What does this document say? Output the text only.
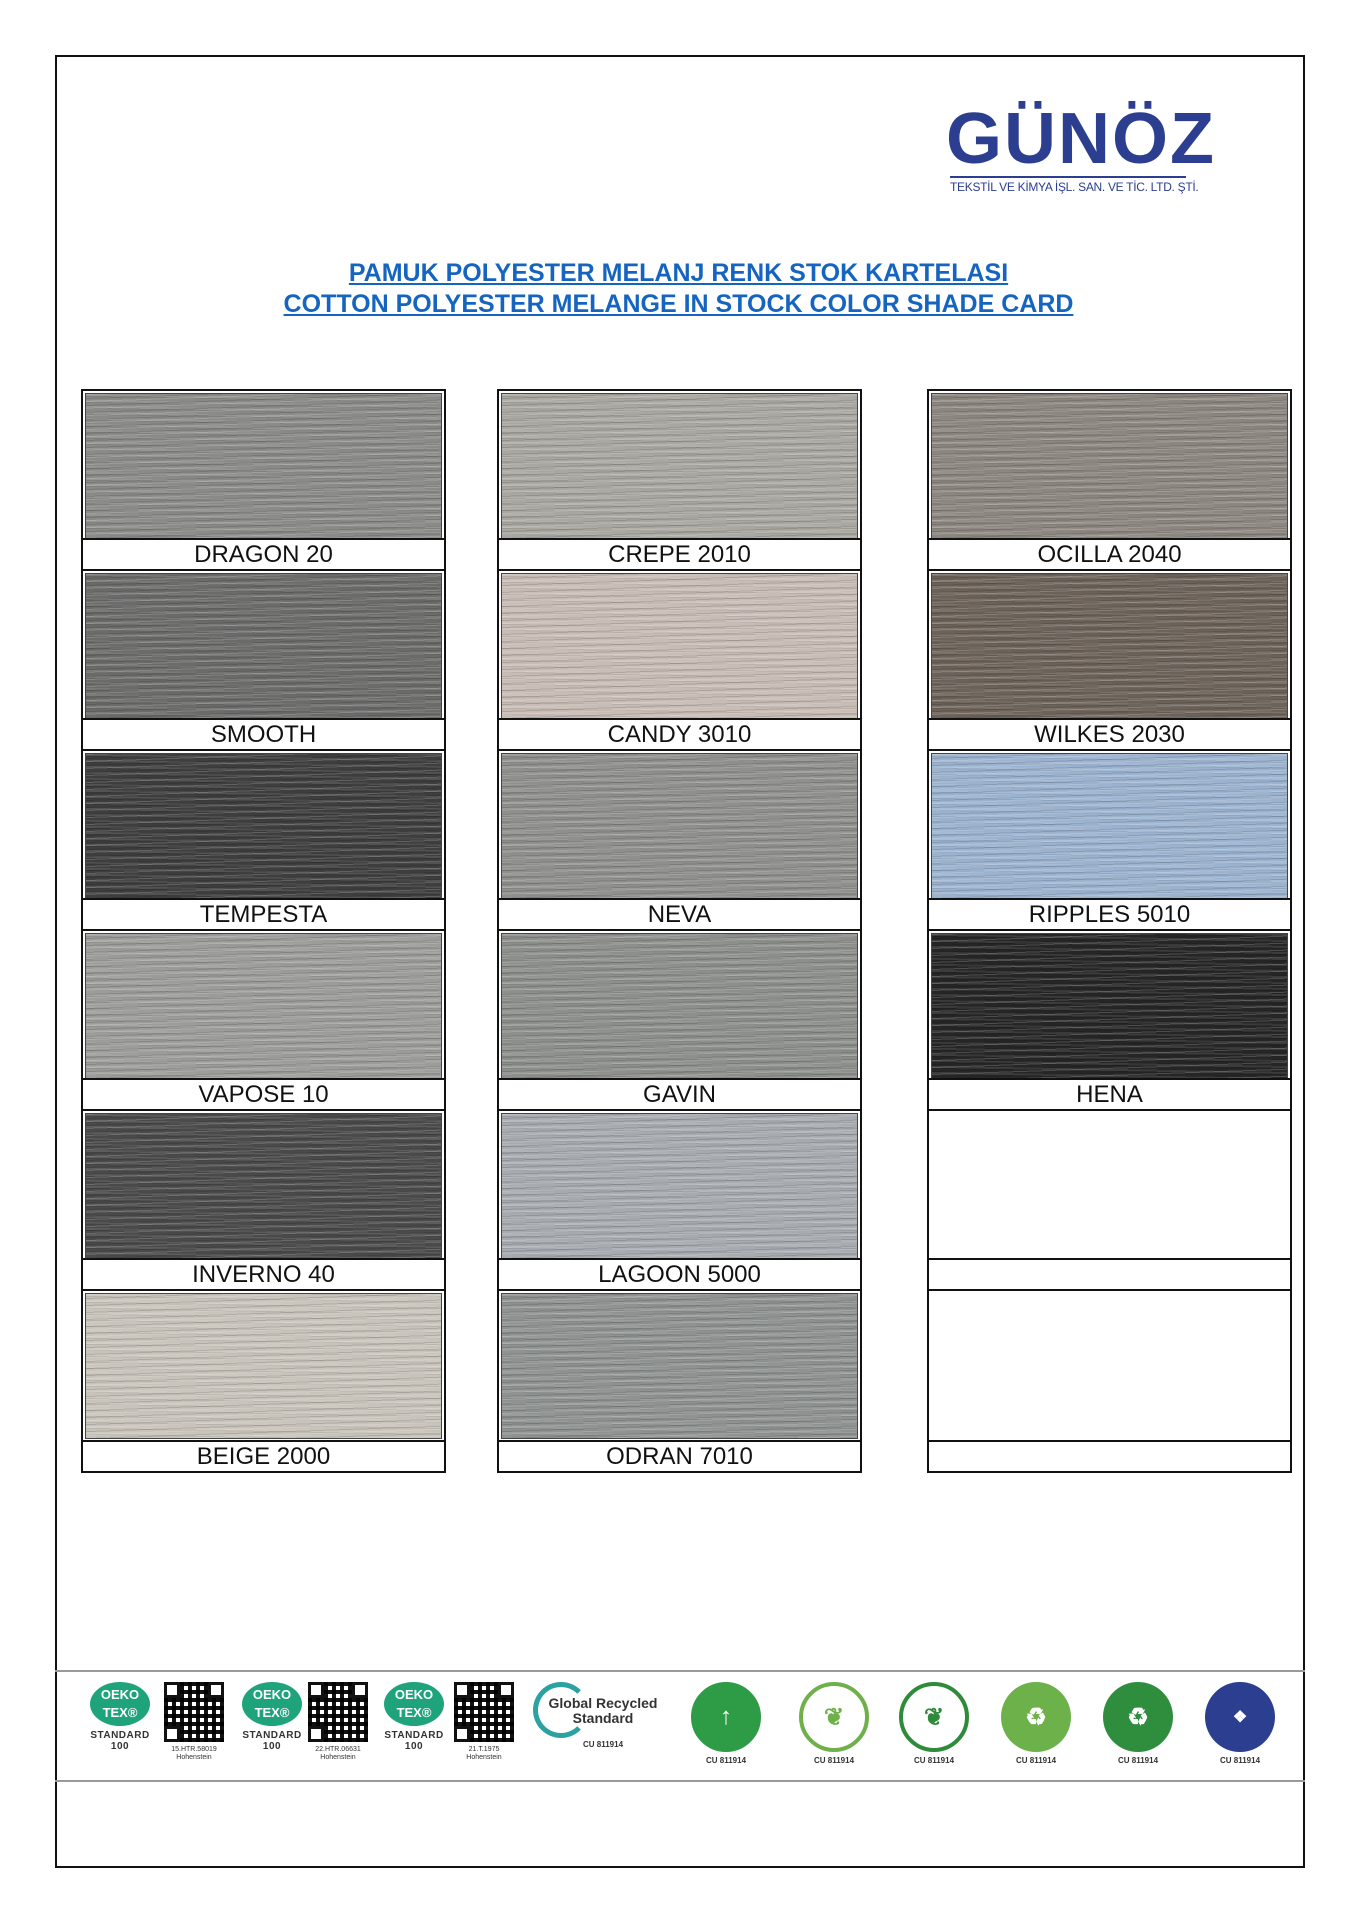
GÜNÖZ
TEKSTİL VE KİMYA İŞL. SAN. VE TİC. LTD. ŞTİ.
PAMUK POLYESTER MELANJ RENK STOK KARTELASI
COTTON POLYESTER MELANGE IN STOCK COLOR SHADE CARD
DRAGON 20
SMOOTH
TEMPESTA
VAPOSE 10
INVERNO 40
BEIGE 2000
CREPE 2010
CANDY 3010
NEVA
GAVIN
LAGOON 5000
ODRAN 7010
OCILLA 2040
WILKES 2030
RIPPLES 5010
HENA
OEKO TEX®
STANDARD 100	15.HTR.58019 Hohenstein
OEKO TEX®
STANDARD 100	22.HTR.06631 Hohenstein
OEKO TEX®
STANDARD 100	21.T.1975 Hohenstein
Global Recycled Standard
CU 811914
↑
CU 811914
❦
CU 811914
❦
CU 811914
♻
CU 811914
♻
CU 811914
❖
CU 811914
